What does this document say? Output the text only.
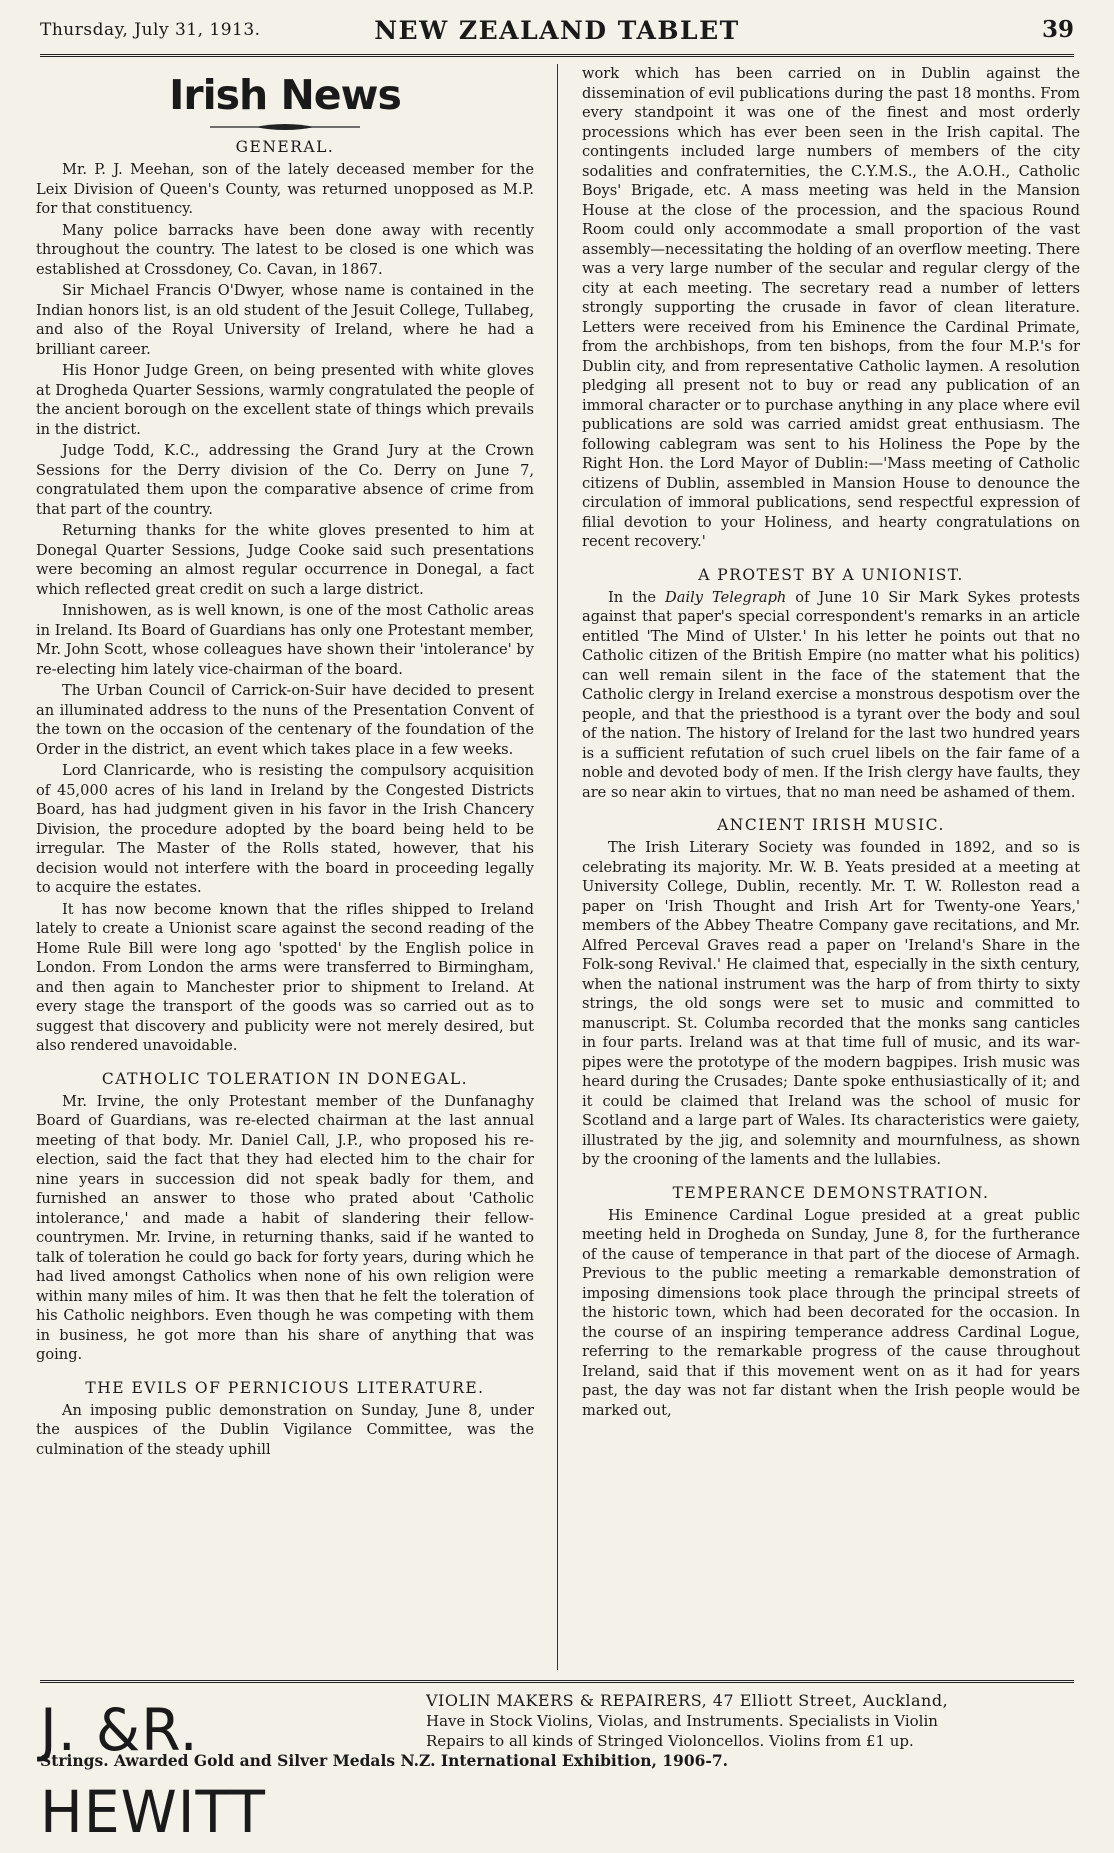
Thursday, July 31, 1913.	NEW ZEALAND TABLET	39
Irish News
GENERAL.

Mr. P. J. Meehan, son of the lately deceased member for the Leix Division of Queen's County, was returned unopposed as M.P. for that constituency.

Many police barracks have been done away with recently throughout the country. The latest to be closed is one which was established at Crossdoney, Co. Cavan, in 1867.

Sir Michael Francis O'Dwyer, whose name is contained in the Indian honors list, is an old student of the Jesuit College, Tullabeg, and also of the Royal University of Ireland, where he had a brilliant career.

His Honor Judge Green, on being presented with white gloves at Drogheda Quarter Sessions, warmly congratulated the people of the ancient borough on the excellent state of things which prevails in the district.

Judge Todd, K.C., addressing the Grand Jury at the Crown Sessions for the Derry division of the Co. Derry on June 7, congratulated them upon the comparative absence of crime from that part of the country.

Returning thanks for the white gloves presented to him at Donegal Quarter Sessions, Judge Cooke said such presentations were becoming an almost regular occurrence in Donegal, a fact which reflected great credit on such a large district.

Innishowen, as is well known, is one of the most Catholic areas in Ireland. Its Board of Guardians has only one Protestant member, Mr. John Scott, whose colleagues have shown their 'intolerance' by re-electing him lately vice-chairman of the board.

The Urban Council of Carrick-on-Suir have decided to present an illuminated address to the nuns of the Presentation Convent of the town on the occasion of the centenary of the foundation of the Order in the district, an event which takes place in a few weeks.

Lord Clanricarde, who is resisting the compulsory acquisition of 45,000 acres of his land in Ireland by the Congested Districts Board, has had judgment given in his favor in the Irish Chancery Division, the procedure adopted by the board being held to be irregular. The Master of the Rolls stated, however, that his decision would not interfere with the board in proceeding legally to acquire the estates.

It has now become known that the rifles shipped to Ireland lately to create a Unionist scare against the second reading of the Home Rule Bill were long ago 'spotted' by the English police in London. From London the arms were transferred to Birmingham, and then again to Manchester prior to shipment to Ireland. At every stage the transport of the goods was so carried out as to suggest that discovery and publicity were not merely desired, but also rendered unavoidable.

CATHOLIC TOLERATION IN DONEGAL.

Mr. Irvine, the only Protestant member of the Dunfanaghy Board of Guardians, was re-elected chairman at the last annual meeting of that body. Mr. Daniel Call, J.P., who proposed his re-election, said the fact that they had elected him to the chair for nine years in succession did not speak badly for them, and furnished an answer to those who prated about 'Catholic intolerance,' and made a habit of slandering their fellow-countrymen. Mr. Irvine, in returning thanks, said if he wanted to talk of toleration he could go back for forty years, during which he had lived amongst Catholics when none of his own religion were within many miles of him. It was then that he felt the toleration of his Catholic neighbors. Even though he was competing with them in business, he got more than his share of anything that was going.

THE EVILS OF PERNICIOUS LITERATURE.

An imposing public demonstration on Sunday, June 8, under the auspices of the Dublin Vigilance Committee, was the culmination of the steady uphill

work which has been carried on in Dublin against the dissemination of evil publications during the past 18 months. From every standpoint it was one of the finest and most orderly processions which has ever been seen in the Irish capital. The contingents included large numbers of members of the city sodalities and confraternities, the C.Y.M.S., the A.O.H., Catholic Boys' Brigade, etc. A mass meeting was held in the Mansion House at the close of the procession, and the spacious Round Room could only accommodate a small proportion of the vast assembly—necessitating the holding of an overflow meeting. There was a very large number of the secular and regular clergy of the city at each meeting. The secretary read a number of letters strongly supporting the crusade in favor of clean literature. Letters were received from his Eminence the Cardinal Primate, from the archbishops, from ten bishops, from the four M.P.'s for Dublin city, and from representative Catholic laymen. A resolution pledging all present not to buy or read any publication of an immoral character or to purchase anything in any place where evil publications are sold was carried amidst great enthusiasm. The following cablegram was sent to his Holiness the Pope by the Right Hon. the Lord Mayor of Dublin:—'Mass meeting of Catholic citizens of Dublin, assembled in Mansion House to denounce the circulation of immoral publications, send respectful expression of filial devotion to your Holiness, and hearty congratulations on recent recovery.'

A PROTEST BY A UNIONIST.

In the Daily Telegraph of June 10 Sir Mark Sykes protests against that paper's special correspondent's remarks in an article entitled 'The Mind of Ulster.' In his letter he points out that no Catholic citizen of the British Empire (no matter what his politics) can well remain silent in the face of the statement that the Catholic clergy in Ireland exercise a monstrous despotism over the people, and that the priesthood is a tyrant over the body and soul of the nation. The history of Ireland for the last two hundred years is a sufficient refutation of such cruel libels on the fair fame of a noble and devoted body of men. If the Irish clergy have faults, they are so near akin to virtues, that no man need be ashamed of them.

ANCIENT IRISH MUSIC.

The Irish Literary Society was founded in 1892, and so is celebrating its majority. Mr. W. B. Yeats presided at a meeting at University College, Dublin, recently. Mr. T. W. Rolleston read a paper on 'Irish Thought and Irish Art for Twenty-one Years,' members of the Abbey Theatre Company gave recitations, and Mr. Alfred Perceval Graves read a paper on 'Ireland's Share in the Folk-song Revival.' He claimed that, especially in the sixth century, when the national instrument was the harp of from thirty to sixty strings, the old songs were set to music and committed to manuscript. St. Columba recorded that the monks sang canticles in four parts. Ireland was at that time full of music, and its war-pipes were the prototype of the modern bagpipes. Irish music was heard during the Crusades; Dante spoke enthusiastically of it; and it could be claimed that Ireland was the school of music for Scotland and a large part of Wales. Its characteristics were gaiety, illustrated by the jig, and solemnity and mournfulness, as shown by the crooning of the laments and the lullabies.

TEMPERANCE DEMONSTRATION.

His Eminence Cardinal Logue presided at a great public meeting held in Drogheda on Sunday, June 8, for the furtherance of the cause of temperance in that part of the diocese of Armagh. Previous to the public meeting a remarkable demonstration of imposing dimensions took place through the principal streets of the historic town, which had been decorated for the occasion. In the course of an inspiring temperance address Cardinal Logue, referring to the remarkable progress of the cause throughout Ireland, said that if this movement went on as it had for years past, the day was not far distant when the Irish people would be marked out,

J. &R. HEWITT
VIOLIN MAKERS & REPAIRERS, 47 Elliott Street, Auckland,
Have in Stock Violins, Violas, and Instruments. Specialists in Violin
Repairs to all kinds of Stringed Violoncellos. Violins from £1 up.
Strings. Awarded Gold and Silver Medals N.Z. International Exhibition, 1906-7.
